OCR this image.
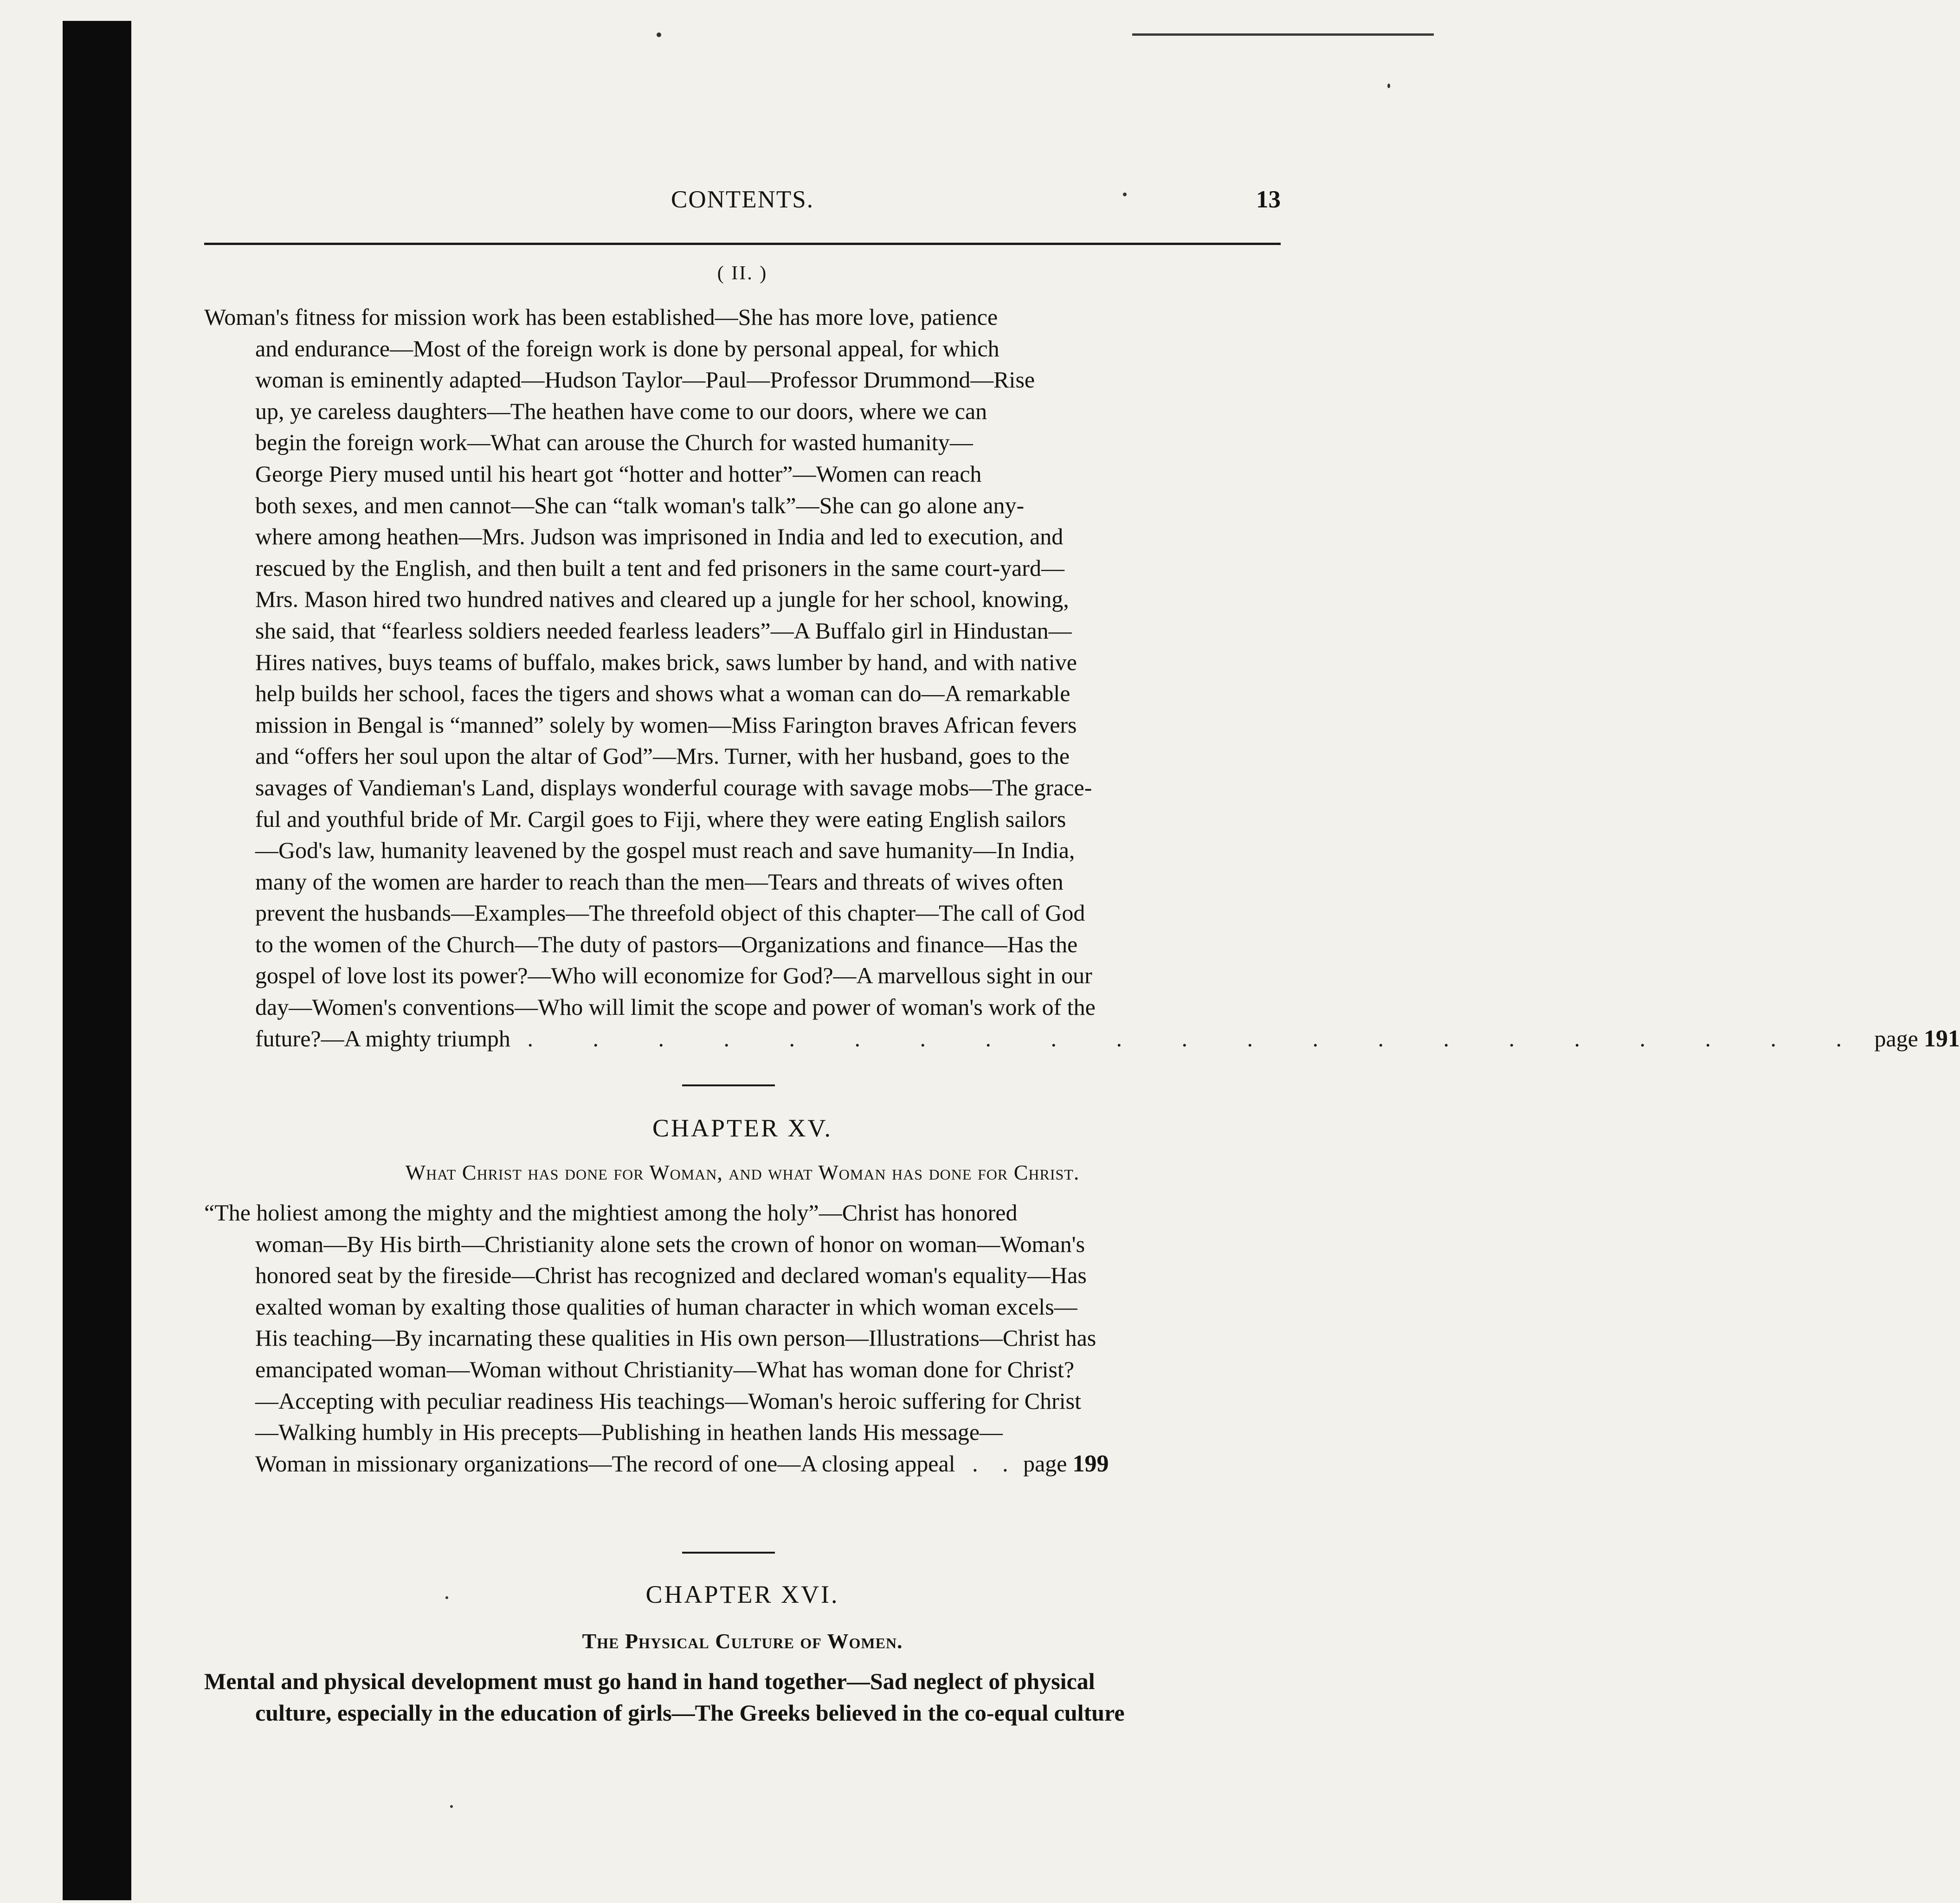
CONTENTS.	13
( II. )
Woman's fitness for mission work has been established—She has more love, patience
and endurance—Most of the foreign work is done by personal appeal, for which
woman is eminently adapted—Hudson Taylor—Paul—Professor Drummond—Rise
up, ye careless daughters—The heathen have come to our doors, where we can
begin the foreign work—What can arouse the Church for wasted humanity—
George Piery mused until his heart got “hotter and hotter”—Women can reach
both sexes, and men cannot—She can “talk woman's talk”—She can go alone any-
where among heathen—Mrs. Judson was imprisoned in India and led to execution, and
rescued by the English, and then built a tent and fed prisoners in the same court-yard—
Mrs. Mason hired two hundred natives and cleared up a jungle for her school, knowing,
she said, that “fearless soldiers needed fearless leaders”—A Buffalo girl in Hindustan—
Hires natives, buys teams of buffalo, makes brick, saws lumber by hand, and with native
help builds her school, faces the tigers and shows what a woman can do—A remarkable
mission in Bengal is “manned” solely by women—Miss Farington braves African fevers
and “offers her soul upon the altar of God”—Mrs. Turner, with her husband, goes to the
savages of Vandieman's Land, displays wonderful courage with savage mobs—The grace-
ful and youthful bride of Mr. Cargil goes to Fiji, where they were eating English sailors
—God's law, humanity leavened by the gospel must reach and save humanity—In India,
many of the women are harder to reach than the men—Tears and threats of wives often
prevent the husbands—Examples—The threefold object of this chapter—The call of God
to the women of the Church—The duty of pastors—Organizations and finance—Has the
gospel of love lost its power?—Who will economize for God?—A marvellous sight in our
day—Women's conventions—Who will limit the scope and power of woman's work of the
future?—A mighty triumph . . . . . . . . . . . . . . . . . . . . . page 191
CHAPTER XV.
What Christ has done for Woman, and what Woman has done for Christ.
“The holiest among the mighty and the mightiest among the holy”—Christ has honored
woman—By His birth—Christianity alone sets the crown of honor on woman—Woman's
honored seat by the fireside—Christ has recognized and declared woman's equality—Has
exalted woman by exalting those qualities of human character in which woman excels—
His teaching—By incarnating these qualities in His own person—Illustrations—Christ has
emancipated woman—Woman without Christianity—What has woman done for Christ?
—Accepting with peculiar readiness His teachings—Woman's heroic suffering for Christ
—Walking humbly in His precepts—Publishing in heathen lands His message—
Woman in missionary organizations—The record of one—A closing appeal . . page 199
CHAPTER XVI.
The Physical Culture of Women.
Mental and physical development must go hand in hand together—Sad neglect of physical
culture, especially in the education of girls—The Greeks believed in the co-equal culture
